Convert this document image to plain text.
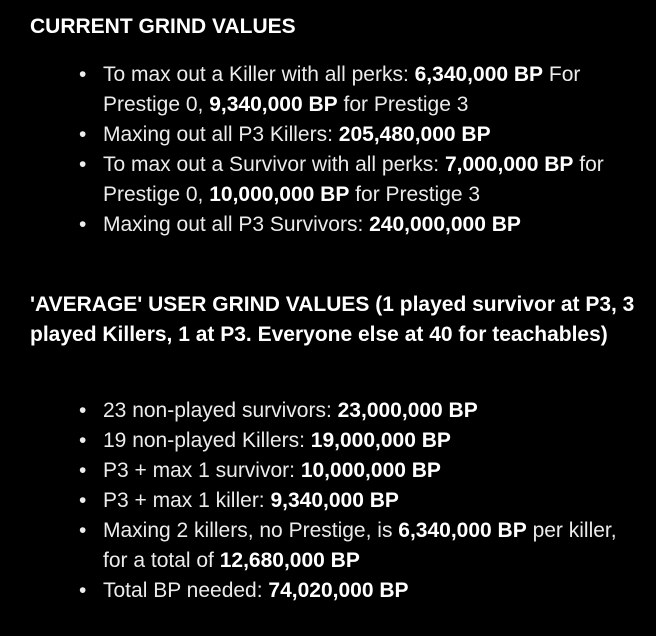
CURRENT GRIND VALUES
• To max out a Killer with all perks: 6,340,000 BP For Prestige 0, 9,340,000 BP for Prestige 3
• Maxing out all P3 Killers: 205,480,000 BP
• To max out a Survivor with all perks: 7,000,000 BP for Prestige 0, 10,000,000 BP for Prestige 3
• Maxing out all P3 Survivors: 240,000,000 BP
'AVERAGE' USER GRIND VALUES (1 played survivor at P3, 3 played Killers, 1 at P3. Everyone else at 40 for teachables)
• 23 non-played survivors: 23,000,000 BP
• 19 non-played Killers: 19,000,000 BP
• P3 + max 1 survivor: 10,000,000 BP
• P3 + max 1 killer: 9,340,000 BP
• Maxing 2 killers, no Prestige, is 6,340,000 BP per killer, for a total of 12,680,000 BP
• Total BP needed: 74,020,000 BP
